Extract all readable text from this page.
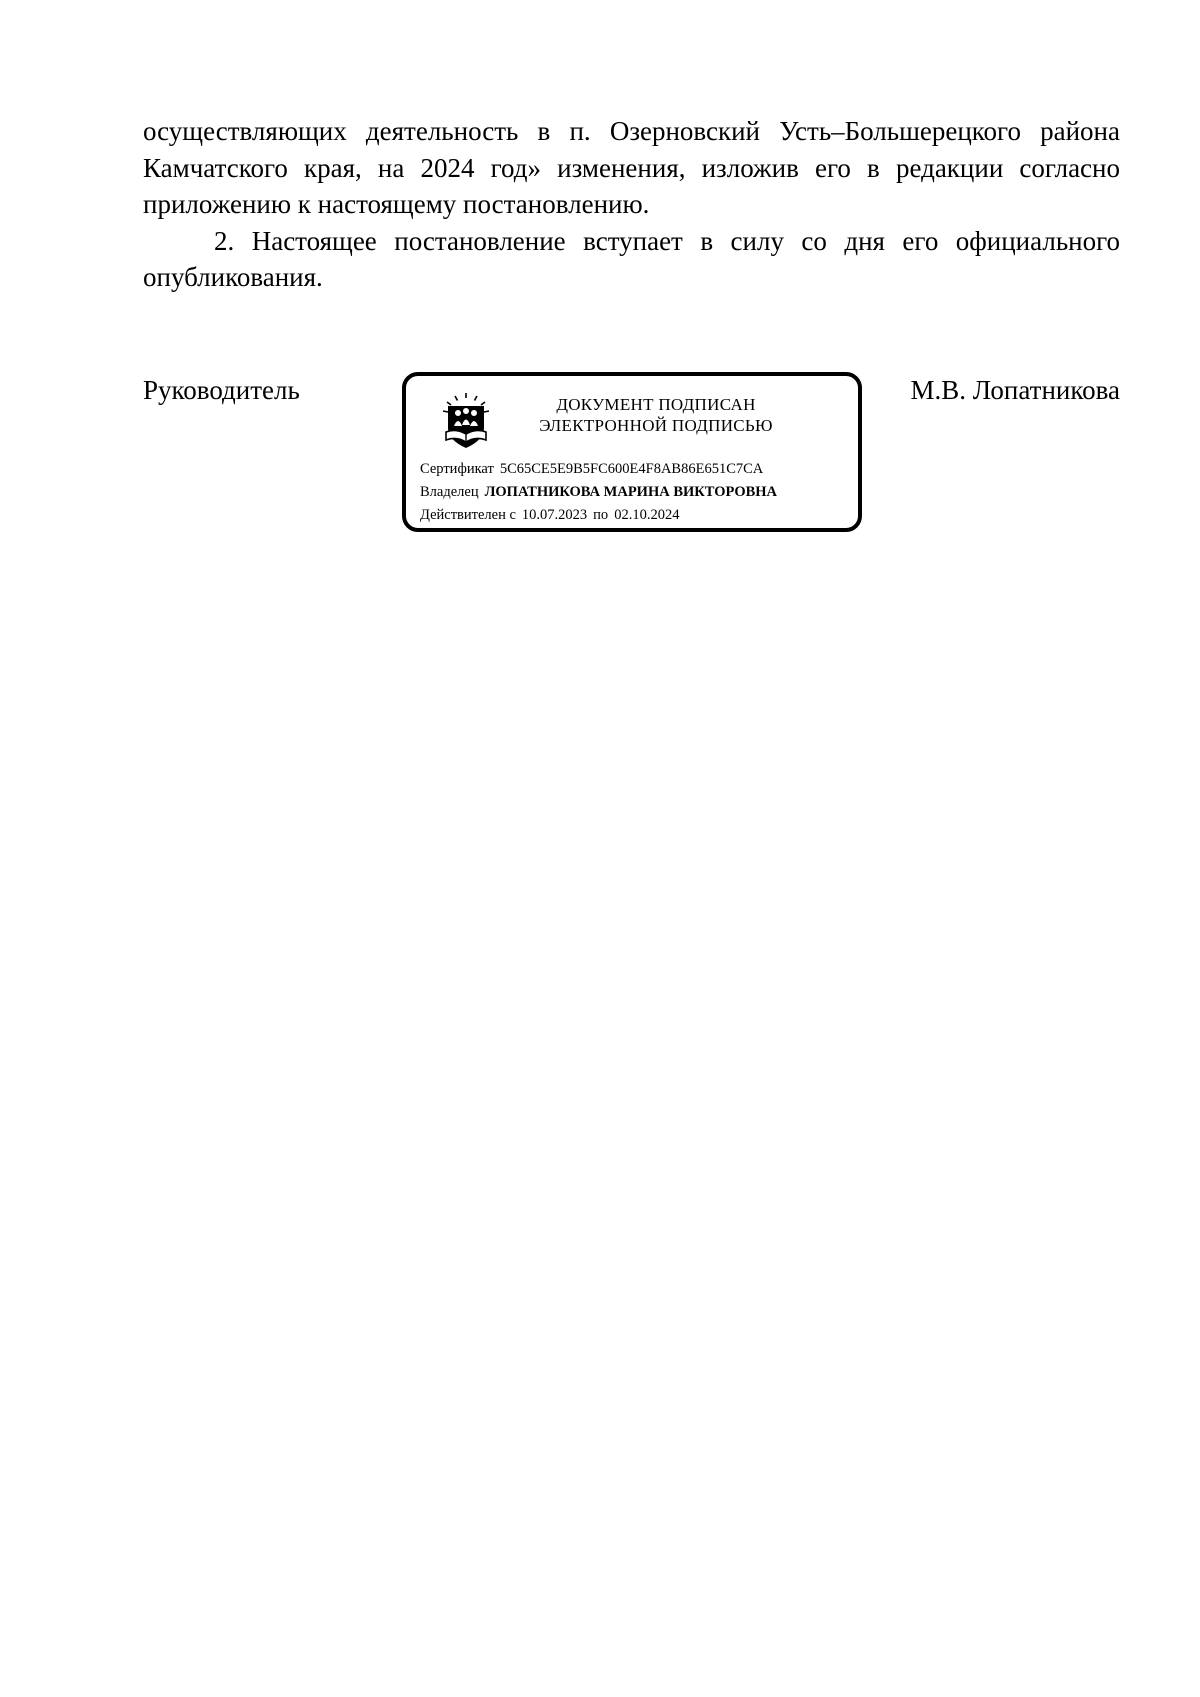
осуществляющих деятельность в п. Озерновский Усть–Большерецкого района Камчатского края, на 2024 год» изменения, изложив его в редакции согласно приложению к настоящему постановлению.

2. Настоящее постановление вступает в силу со дня его официального опубликования.

Руководитель	ДОКУМЕНТ ПОДПИСАН
ЭЛЕКТРОННОЙ ПОДПИСЬЮ
Сертификат 5C65CE5E9B5FC600E4F8AB86E651C7CA
Владелец ЛОПАТНИКОВА МАРИНА ВИКТОРОВНА
Действителен с 10.07.2023 по 02.10.2024
М.В. Лопатникова
